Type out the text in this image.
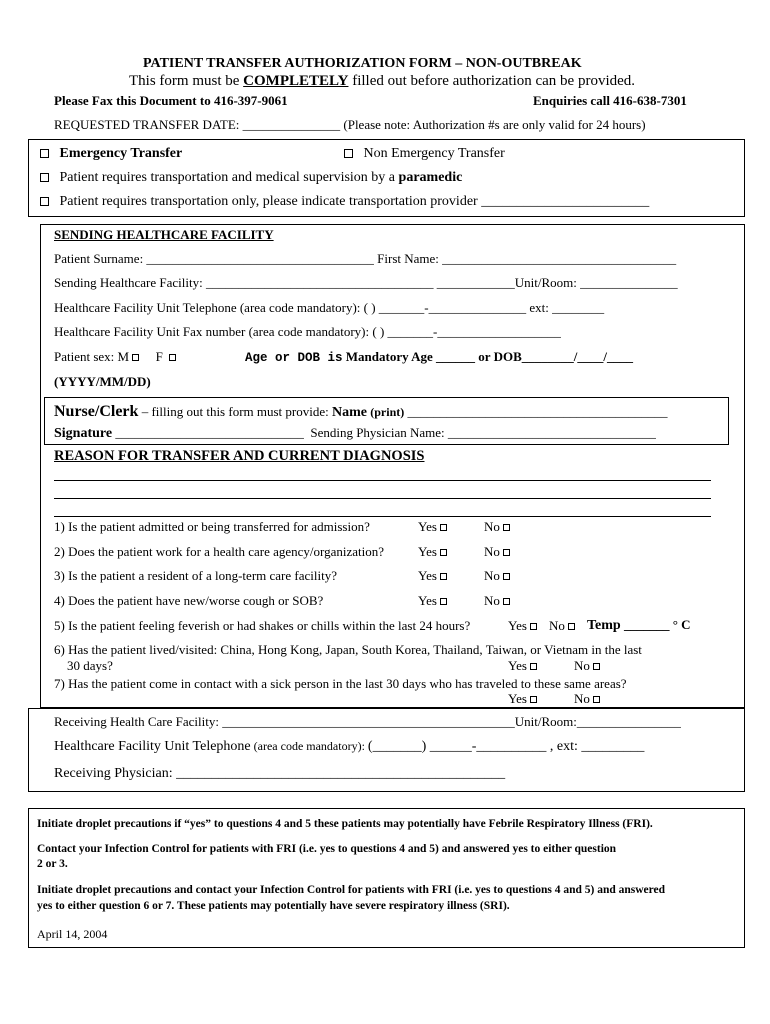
PATIENT TRANSFER AUTHORIZATION FORM – NON-OUTBREAK
This form must be COMPLETELY filled out before authorization can be provided.
Please Fax this Document to 416-397-9061	Enquiries call 416-638-7301
REQUESTED TRANSFER DATE: _______________ (Please note: Authorization #s are only valid for 24 hours)
Emergency Transfer	Non Emergency Transfer
Patient requires transportation and medical supervision by a paramedic
Patient requires transportation only, please indicate transportation provider ________________________
SENDING HEALTHCARE FACILITY
Patient Surname: ___________________________________ First Name: ____________________________________
Sending Healthcare Facility: ___________________________________ ____________Unit/Room: _______________
Healthcare Facility Unit Telephone (area code mandatory): ( ) _______-_______________ ext: ________
Healthcare Facility Unit Fax number (area code mandatory): ( ) _______-___________________
Patient sex: M F	Age or DOB is Mandatory Age ______ or DOB________/____/____
(YYYY/MM/DD)
Nurse/Clerk – filling out this form must provide: Name (print) ________________________________________
Signature _____________________________ Sending Physician Name: ________________________________
REASON FOR TRANSFER AND CURRENT DIAGNOSIS
1) Is the patient admitted or being transferred for admission?	Yes	No
2) Does the patient work for a health care agency/organization?	Yes	No
3) Is the patient a resident of a long-term care facility?	Yes	No
4) Does the patient have new/worse cough or SOB?	Yes	No
5) Is the patient feeling feverish or had shakes or chills within the last 24 hours?	Yes	No	Temp _______ ° C
6) Has the patient lived/visited: China, Hong Kong, Japan, South Korea, Thailand, Taiwan, or Vietnam in the last
30 days?	Yes	No
7) Has the patient come in contact with a sick person in the last 30 days who has traveled to these same areas?
Yes	No
Receiving Health Care Facility: _____________________________________________Unit/Room:________________
Healthcare Facility Unit Telephone (area code mandatory): (_______) ______-__________ , ext: _________
Receiving Physician: _______________________________________________
Initiate droplet precautions if “yes” to questions 4 and 5 these patients may potentially have Febrile Respiratory Illness (FRI).
Contact your Infection Control for patients with FRI (i.e. yes to questions 4 and 5) and answered yes to either question
2 or 3.
Initiate droplet precautions and contact your Infection Control for patients with FRI (i.e. yes to questions 4 and 5) and answered
yes to either question 6 or 7. These patients may potentially have severe respiratory illness (SRI).
April 14, 2004
